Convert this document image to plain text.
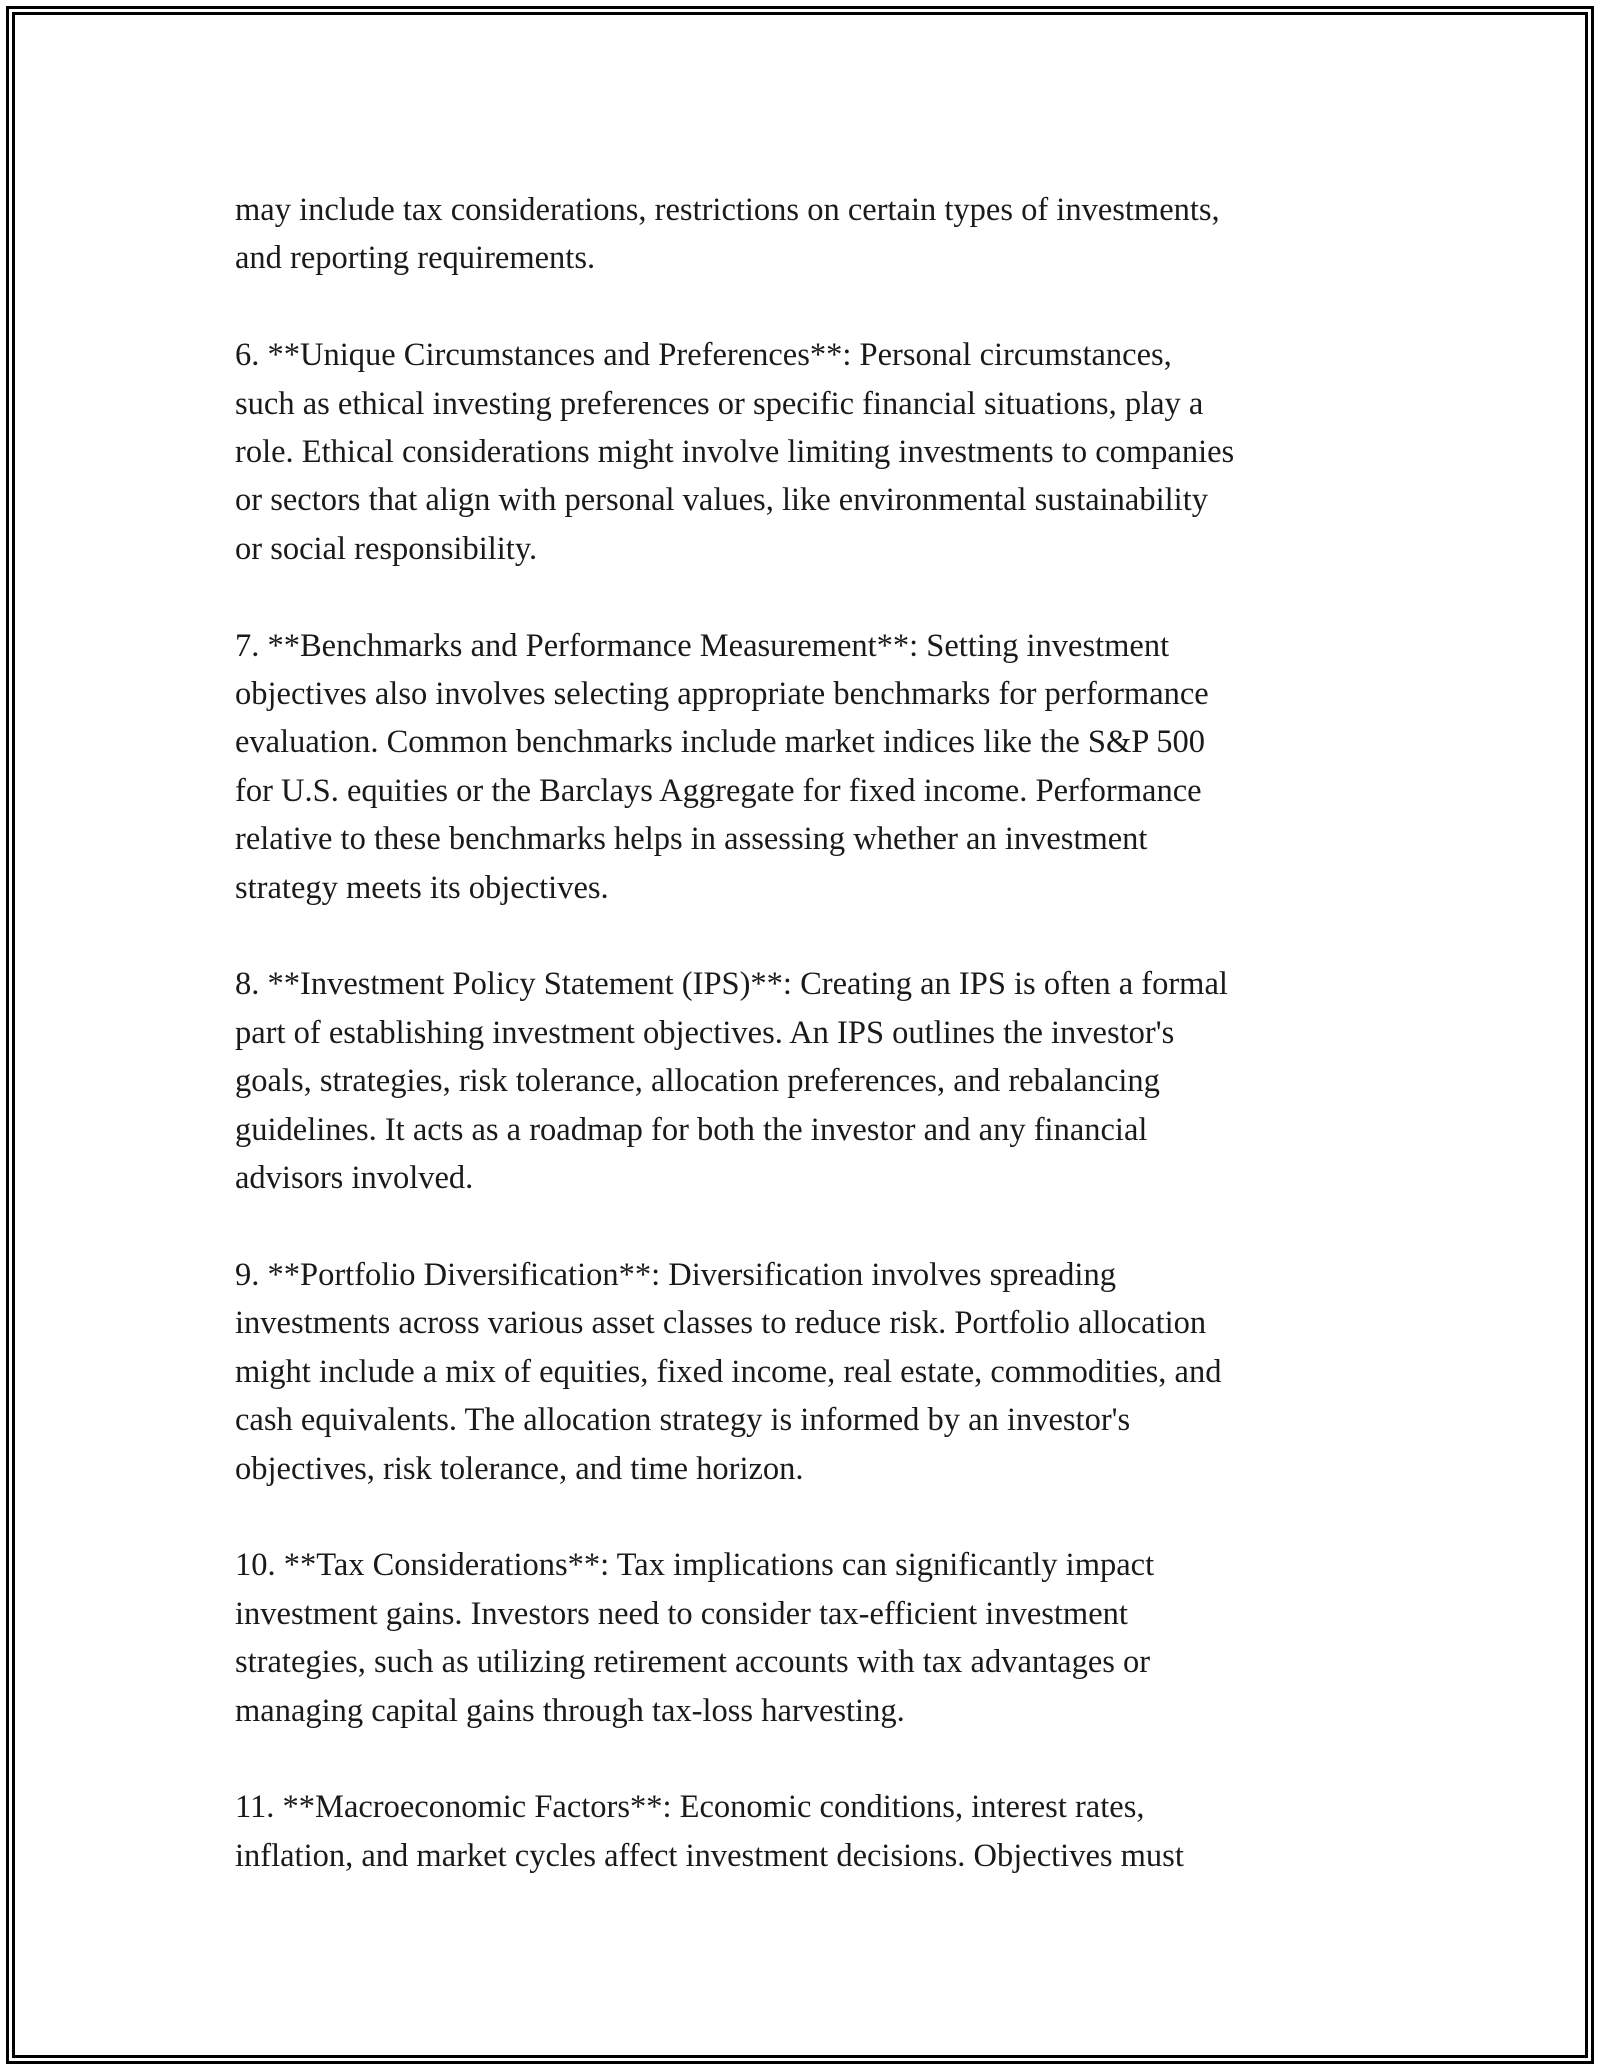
may include tax considerations, restrictions on certain types of investments,
and reporting requirements.

6. **Unique Circumstances and Preferences**: Personal circumstances,
such as ethical investing preferences or specific financial situations, play a
role. Ethical considerations might involve limiting investments to companies
or sectors that align with personal values, like environmental sustainability
or social responsibility.

7. **Benchmarks and Performance Measurement**: Setting investment
objectives also involves selecting appropriate benchmarks for performance
evaluation. Common benchmarks include market indices like the S&P 500
for U.S. equities or the Barclays Aggregate for fixed income. Performance
relative to these benchmarks helps in assessing whether an investment
strategy meets its objectives.

8. **Investment Policy Statement (IPS)**: Creating an IPS is often a formal
part of establishing investment objectives. An IPS outlines the investor's
goals, strategies, risk tolerance, allocation preferences, and rebalancing
guidelines. It acts as a roadmap for both the investor and any financial
advisors involved.

9. **Portfolio Diversification**: Diversification involves spreading
investments across various asset classes to reduce risk. Portfolio allocation
might include a mix of equities, fixed income, real estate, commodities, and
cash equivalents. The allocation strategy is informed by an investor's
objectives, risk tolerance, and time horizon.

10. **Tax Considerations**: Tax implications can significantly impact
investment gains. Investors need to consider tax-efficient investment
strategies, such as utilizing retirement accounts with tax advantages or
managing capital gains through tax-loss harvesting.

11. **Macroeconomic Factors**: Economic conditions, interest rates,
inflation, and market cycles affect investment decisions. Objectives must
